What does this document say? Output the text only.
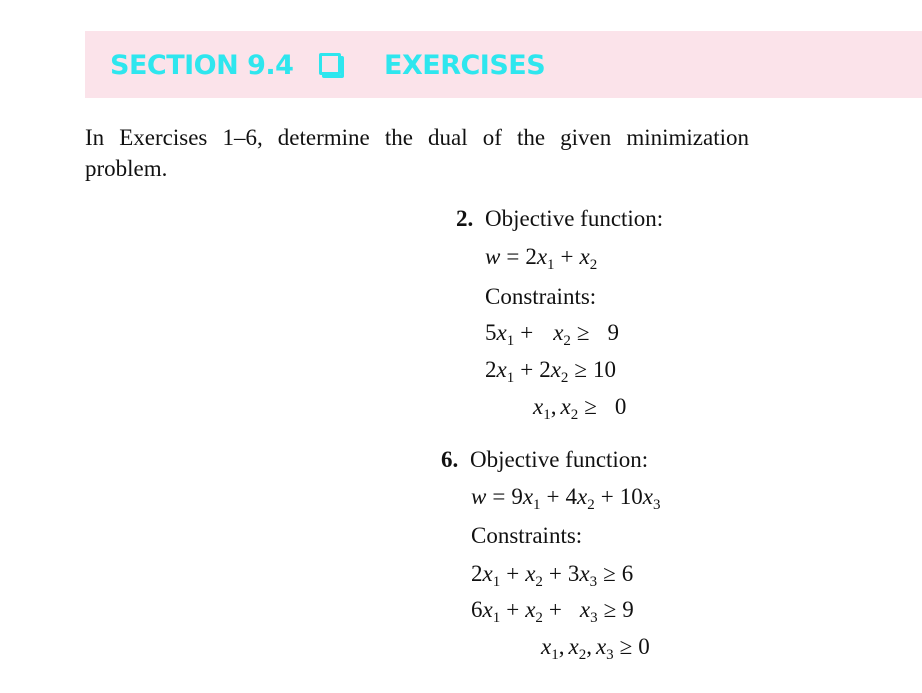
SECTION 9.4	EXERCISES
In Exercises 1–6, determine the dual of the given minimization problem.
2. Objective function:
$w = 2x_1 + x_2$
Constraints:
$5x_1 + x_2 \ge 9$
$2x_1 + 2x_2 \ge 10$
$x_1$, $x_2 \ge 0$
6. Objective function:
$w = 9x_1 + 4x_2 + 10x_3$
Constraints:
$2x_1 + x_2 + 3x_3 \ge 6$
$6x_1 + x_2 + x_3 \ge 9$
$x_1$, $x_2$, $x_3 \ge 0$
